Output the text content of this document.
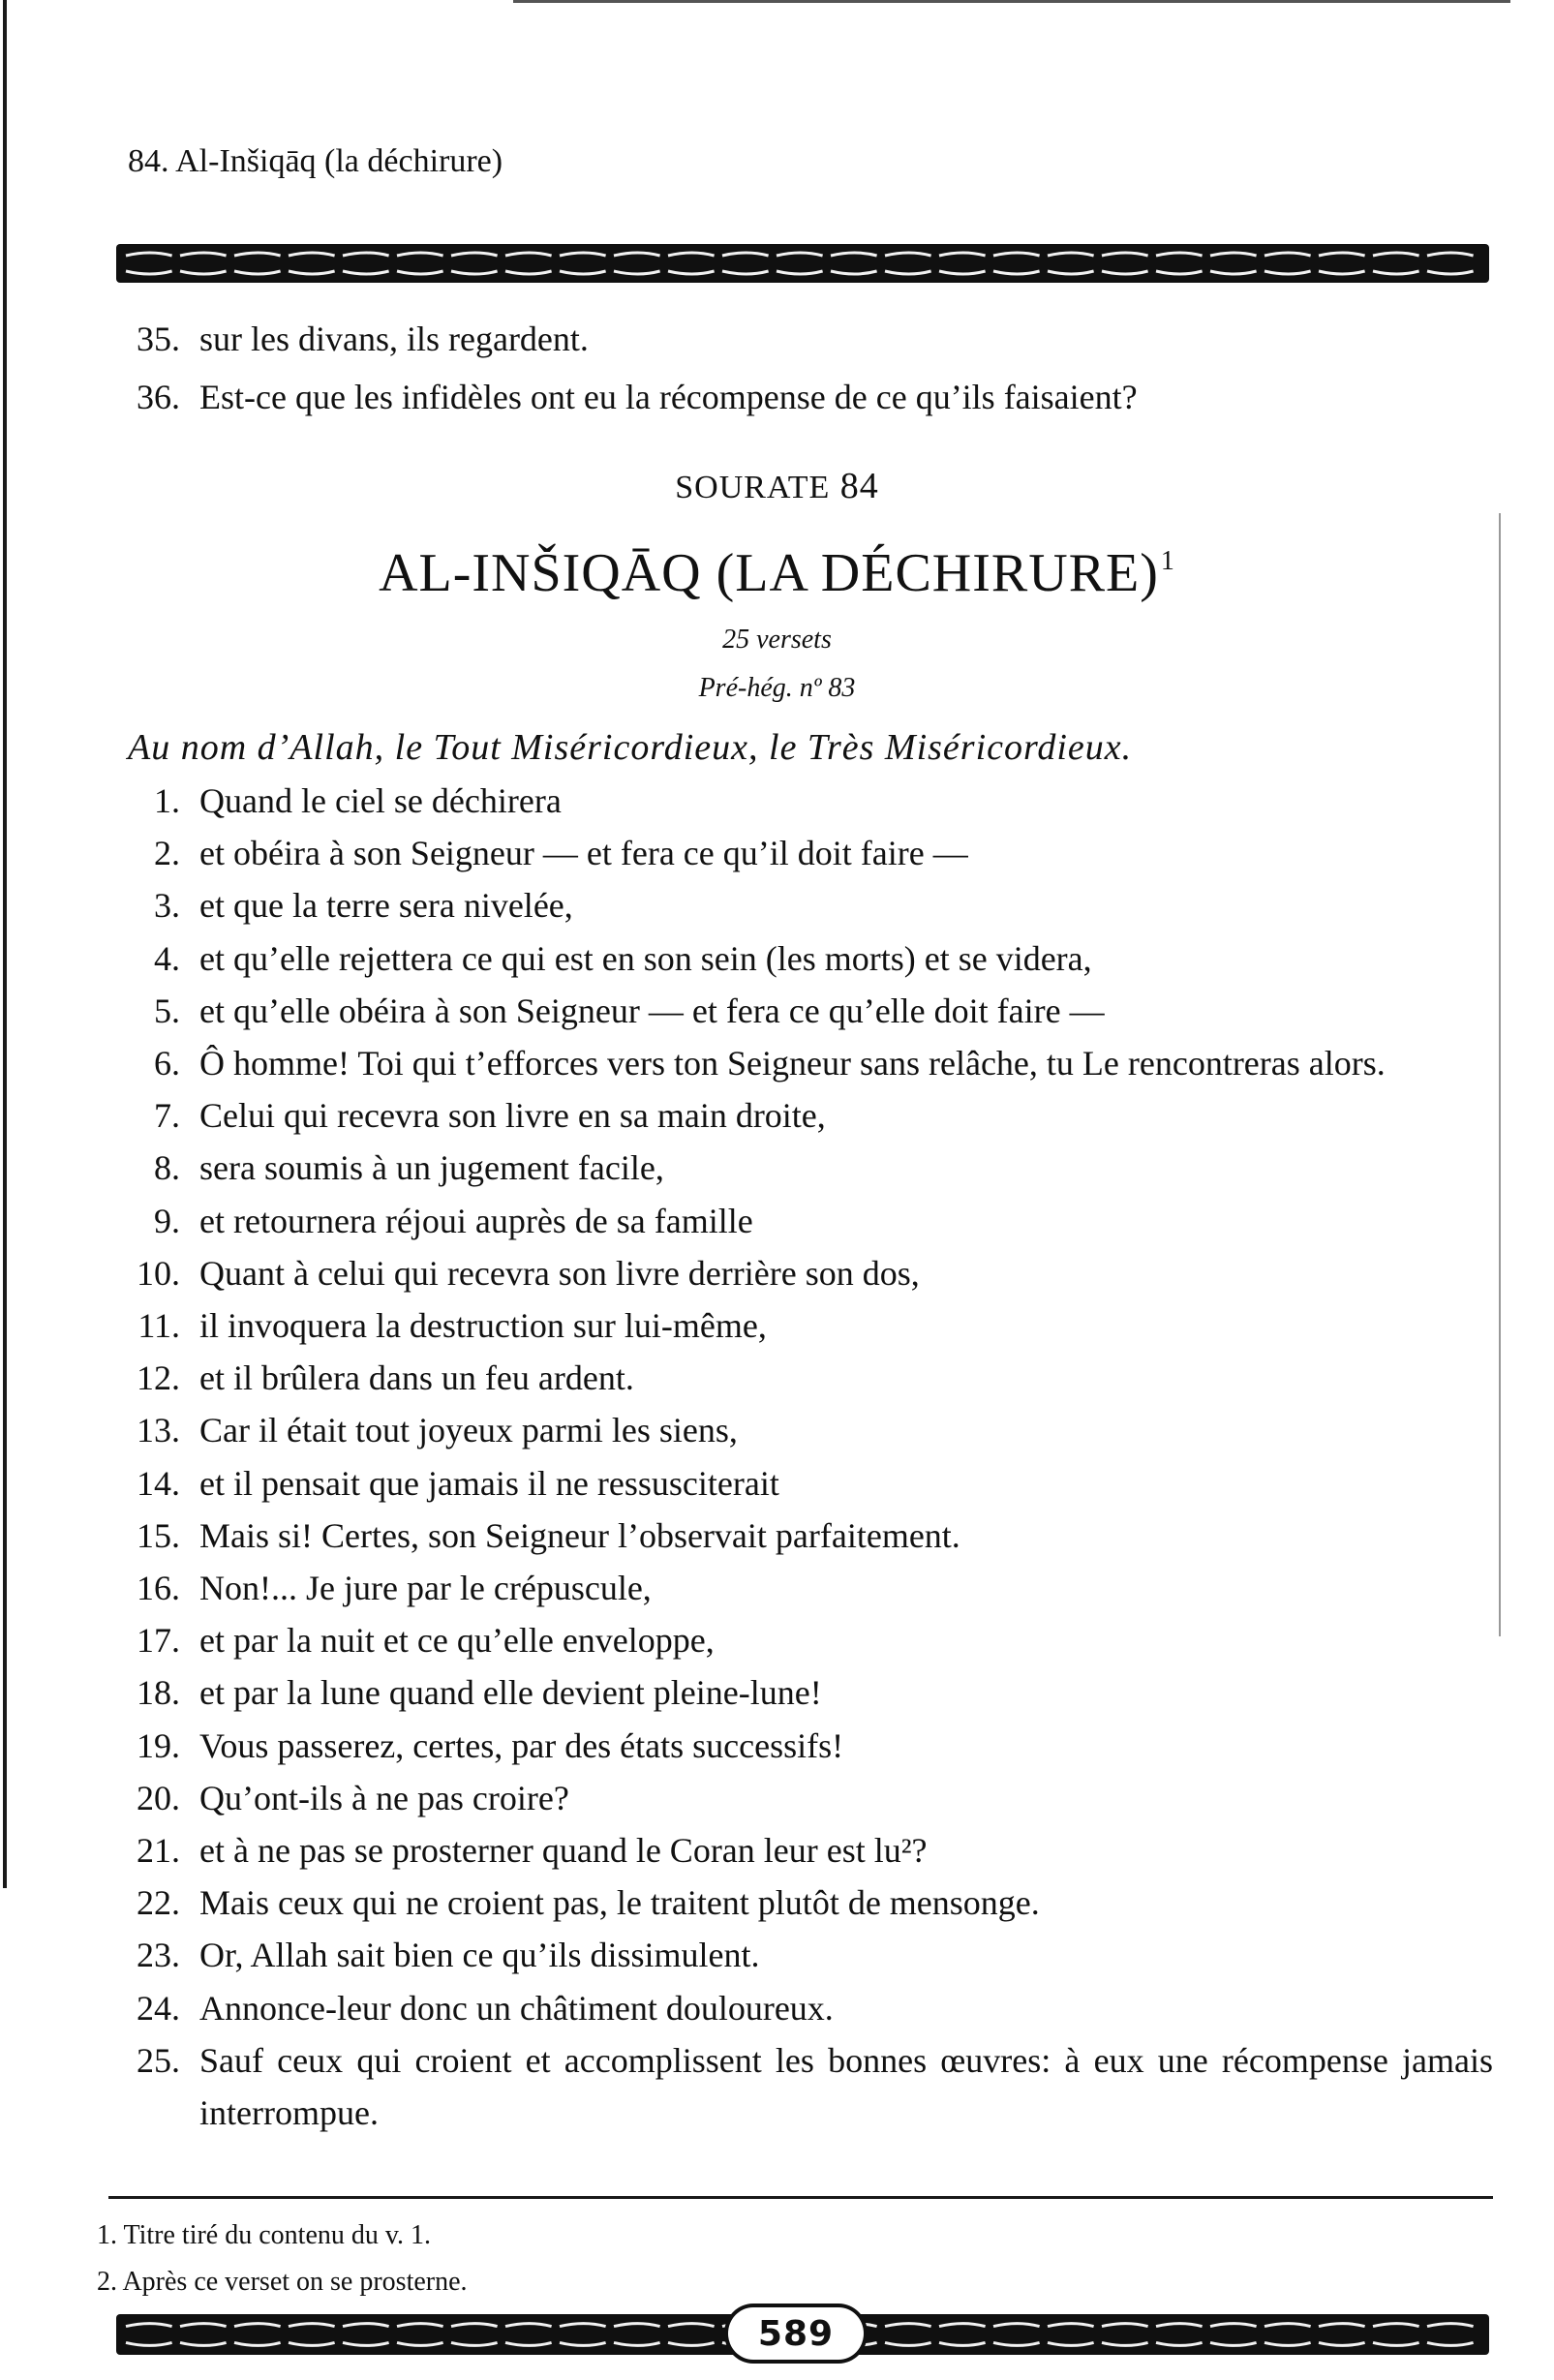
84. Al-Inšiqāq (la déchirure)
35. sur les divans, ils regardent.
36. Est-ce que les infidèles ont eu la récompense de ce qu’ils faisaient?
SOURATE 84
AL-INŠIQĀQ (LA DÉCHIRURE)$^1$
25 versets
Pré-hég. nº 83
Au nom d’Allah, le Tout Miséricordieux, le Très Miséricordieux.
1. Quand le ciel se déchirera
2. et obéira à son Seigneur — et fera ce qu’il doit faire —
3. et que la terre sera nivelée,
4. et qu’elle rejettera ce qui est en son sein (les morts) et se videra,
5. et qu’elle obéira à son Seigneur — et fera ce qu’elle doit faire —
6. Ô homme! Toi qui t’efforces vers ton Seigneur sans relâche, tu Le rencontreras alors.
7. Celui qui recevra son livre en sa main droite,
8. sera soumis à un jugement facile,
9. et retournera réjoui auprès de sa famille
10. Quant à celui qui recevra son livre derrière son dos,
11. il invoquera la destruction sur lui-même,
12. et il brûlera dans un feu ardent.
13. Car il était tout joyeux parmi les siens,
14. et il pensait que jamais il ne ressusciterait
15. Mais si! Certes, son Seigneur l’observait parfaitement.
16. Non!... Je jure par le crépuscule,
17. et par la nuit et ce qu’elle enveloppe,
18. et par la lune quand elle devient pleine-lune!
19. Vous passerez, certes, par des états successifs!
20. Qu’ont-ils à ne pas croire?
21. et à ne pas se prosterner quand le Coran leur est lu²?
22. Mais ceux qui ne croient pas, le traitent plutôt de mensonge.
23. Or, Allah sait bien ce qu’ils dissimulent.
24. Annonce-leur donc un châtiment douloureux.
25. Sauf ceux qui croient et accomplissent les bonnes œuvres: à eux une récompense jamais interrompue.
1. Titre tiré du contenu du v. 1.
2. Après ce verset on se prosterne.
589
